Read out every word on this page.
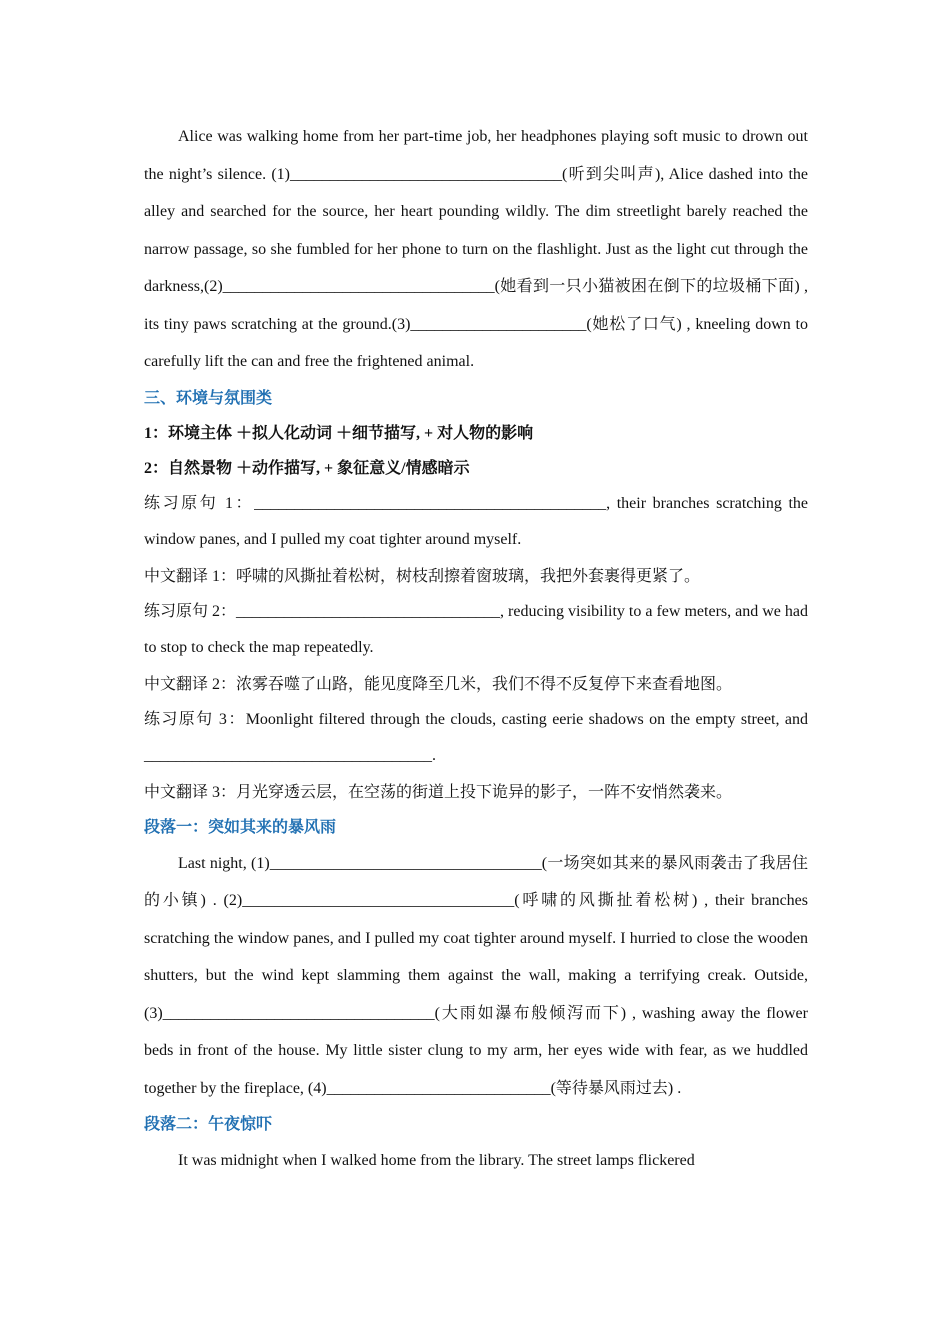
Alice was walking home from her part-time job, her headphones playing soft music to drown out the night’s silence. (1)__________________________________(听到尖叫声), Alice dashed into the alley and searched for the source, her heart pounding wildly. The dim streetlight barely reached the narrow passage, so she fumbled for her phone to turn on the flashlight. Just as the light cut through the darkness,(2)__________________________________(她看到一只小猫被困在倒下的垃圾桶下面) , its tiny paws scratching at the ground.(3)______________________(她松了口气) , kneeling down to carefully lift the can and free the frightened animal.

三、环境与氛围类

1：环境主体 ＋拟人化动词 ＋细节描写, + 对人物的影响

2：自然景物 ＋动作描写, + 象征意义/情感暗示

练习原句 1：____________________________________________, their branches scratching the window panes, and I pulled my coat tighter around myself.

中文翻译 1：呼啸的风撕扯着松树，树枝刮擦着窗玻璃，我把外套裹得更紧了。

练习原句 2：_________________________________, reducing visibility to a few meters, and we had to stop to check the map repeatedly.

中文翻译 2：浓雾吞噬了山路，能见度降至几米，我们不得不反复停下来查看地图。

练习原句 3：Moonlight filtered through the clouds, casting eerie shadows on the empty street, and ____________________________________.

中文翻译 3：月光穿透云层，在空荡的街道上投下诡异的影子，一阵不安悄然袭来。

段落一：突如其来的暴风雨

Last night, (1)__________________________________(一场突如其来的暴风雨袭击了我居住的小镇) . (2)__________________________________(呼啸的风撕扯着松树) , their branches scratching the window panes, and I pulled my coat tighter around myself. I hurried to close the wooden shutters, but the wind kept slamming them against the wall, making a terrifying creak. Outside,(3)__________________________________(大雨如瀑布般倾泻而下) , washing away the flower beds in front of the house. My little sister clung to my arm, her eyes wide with fear, as we huddled together by the fireplace, (4)____________________________(等待暴风雨过去) .

段落二：午夜惊吓

It was midnight when I walked home from the library. The street lamps flickered
